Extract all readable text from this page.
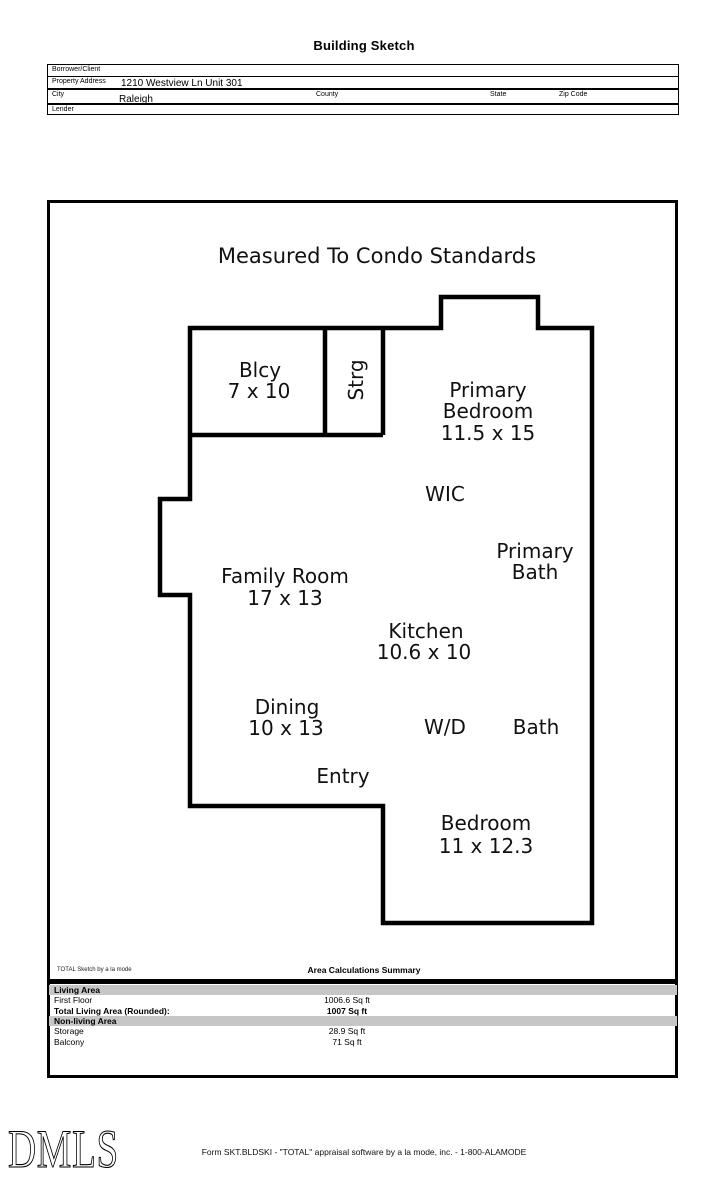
Building Sketch
Borrower/Client
Property Address 1210 Westview Ln Unit 301
City	Raleigh	County	State	Zip Code
Lender
Measured To Condo Standards
Blcy
7 x 10	Strg	Primary
Bedroom
11.5 x 15
WIC
Primary
Bath
Family Room
17 x 13
Kitchen
10.6 x 10
Dining
10 x 13	W/D Bath
Entry
Bedroom
11 x 12.3
TOTAL Sketch by a la mode	Area Calculations Summary
Living Area
First Floor	1006.6 Sq ft
Total Living Area (Rounded):	1007 Sq ft
Non-living Area
Storage	28.9 Sq ft
Balcony	71 Sq ft
DMLS	Form SKT.BLDSKI - "TOTAL" appraisal software by a la mode, inc. - 1-800-ALAMODE
